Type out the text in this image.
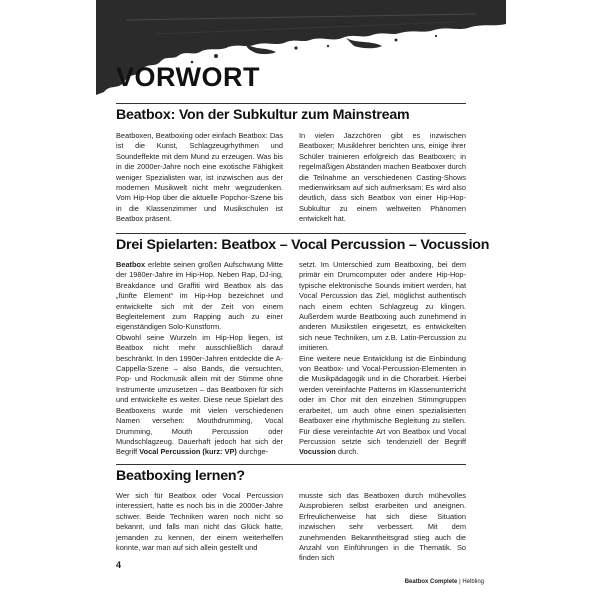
VORWORT
Beatbox: Von der Subkultur zum Mainstream

Beatboxen, Beatboxing oder einfach Beatbox: Das ist die Kunst, Schlagzeugrhythmen und Soundeffekte mit dem Mund zu erzeugen. Was bis in die 2000er-Jahre noch eine exotische Fähigkeit weniger Spezialisten war, ist inzwischen aus der modernen Musikwelt nicht mehr wegzudenken. Vom Hip-Hop über die aktuelle Popchor-Szene bis in die Klassenzimmer und Musikschulen ist Beatbox präsent.

In vielen Jazzchören gibt es inzwischen Beatboxer; Musiklehrer berichten uns, einige ihrer Schüler trainieren erfolgreich das Beatboxen; in regelmäßigen Abständen machen Beatboxer durch die Teilnahme an verschiedenen Casting-Shows medienwirksam auf sich aufmerksam: Es wird also deutlich, dass sich Beatbox von einer Hip-Hop-Subkultur zu einem weltweiten Phänomen entwickelt hat.

Drei Spielarten: Beatbox – Vocal Percussion – Vocussion

Beatbox erlebte seinen großen Aufschwung Mitte der 1980er-Jahre im Hip-Hop. Neben Rap, DJ-ing, Breakdance und Graffiti wird Beatbox als das „fünfte Element“ im Hip-Hop bezeichnet und entwickelte sich mit der Zeit von einem Begleitelement zum Rapping auch zu einer eigenständigen Solo-Kunstform.

Obwohl seine Wurzeln im Hip-Hop liegen, ist Beatbox nicht mehr ausschließlich darauf beschränkt. In den 1990er-Jahren entdeckte die A-Cappella-Szene – also Bands, die versuchten, Pop- und Rockmusik allein mit der Stimme ohne Instrumente umzusetzen – das Beatboxen für sich und entwickelte es weiter. Diese neue Spielart des Beatboxens wurde mit vielen verschiedenen Namen versehen: Mouthdrumming, Vocal Drumming, Mouth Percussion oder Mundschlagzeug. Dauerhaft jedoch hat sich der Begriff Vocal Percussion (kurz: VP) durchge-

setzt. Im Unterschied zum Beatboxing, bei dem primär ein Drumcomputer oder andere Hip-Hop-typische elektronische Sounds imitiert werden, hat Vocal Percussion das Ziel, möglichst authentisch nach einem echten Schlagzeug zu klingen. Außerdem wurde Beatboxing auch zunehmend in anderen Musikstilen eingesetzt, es entwickelten sich neue Techniken, um z.B. Latin-Percussion zu imitieren.

Eine weitere neue Entwicklung ist die Einbindung von Beatbox- und Vocal-Percussion-Elementen in die Musikpädagogik und in die Chorarbeit. Hierbei werden vereinfachte Patterns im Klassenunterricht oder im Chor mit den einzelnen Stimmgruppen erarbeitet, um auch ohne einen spezialisierten Beatboxer eine rhythmische Begleitung zu stellen. Für diese vereinfachte Art von Beatbox und Vocal Percussion setzte sich tendenziell der Begriff Vocussion durch.

Beatboxing lernen?

Wer sich für Beatbox oder Vocal Percussion interessiert, hatte es noch bis in die 2000er-Jahre schwer. Beide Techniken waren noch nicht so bekannt, und falls man nicht das Glück hatte, jemanden zu kennen, der einem weiterhelfen konnte, war man auf sich allein gestellt und

musste sich das Beatboxen durch mühevolles Ausprobieren selbst erarbeiten und aneignen. Erfreulicherweise hat sich diese Situation inzwischen sehr verbessert. Mit dem zunehmenden Bekanntheitsgrad stieg auch die Anzahl von Einführungen in die Thematik. So finden sich

4
Beatbox Complete | Helbling
